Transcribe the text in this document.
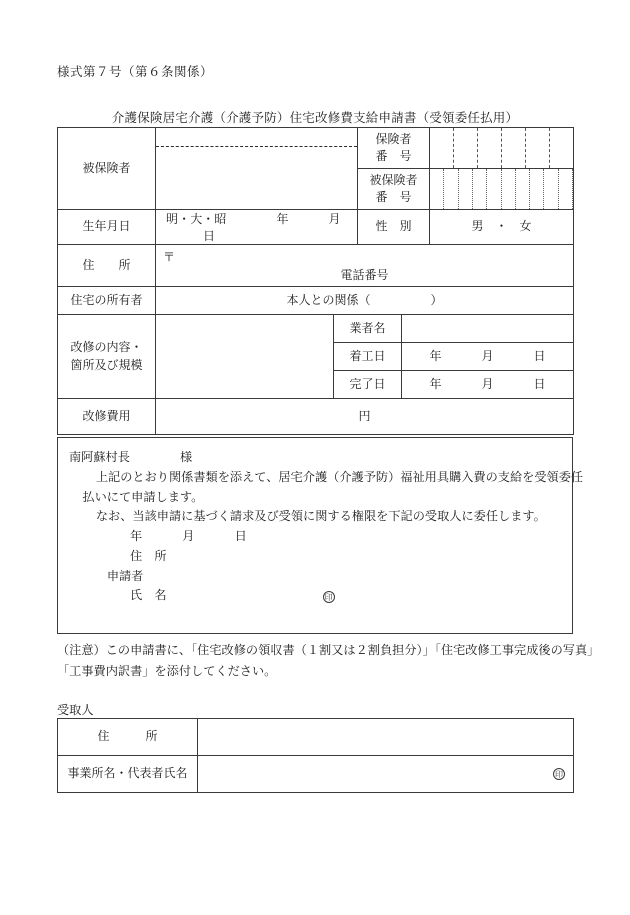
様式第７号（第６条関係）
介護保険居宅介護（介護予防）住宅改修費支給申請書（受領委任払用）
被保険者			保険者
番　号		

			被保険者
番　号		

生年月日	明・大・昭 年 月  日		性　別		男　・　女
住　　所	〒
電話番号				

住宅の所有者	本人との関係（　　　　　）				

改修の内容・
箇所及び規模		業者名			
		着工日		年 月 日	
		完了日		年 月 日	
改修費用	円				
南阿蘇村長	様
上記のとおり関係書類を添えて、居宅介護（介護予防）福祉用具購入費の支給を受領委任
払いにて申請します。
なお、当該申請に基づく請求及び受領に関する権限を下記の受取人に委任します。
年	月	日
住　所
申請者
氏　名	印
（注意）この申請書に、「住宅改修の領収書（１割又は２割負担分）」「住宅改修工事完成後の写真」
「工事費内訳書」を添付してください。
受取人
住　　　所	
事業所名・代表者氏名	印
